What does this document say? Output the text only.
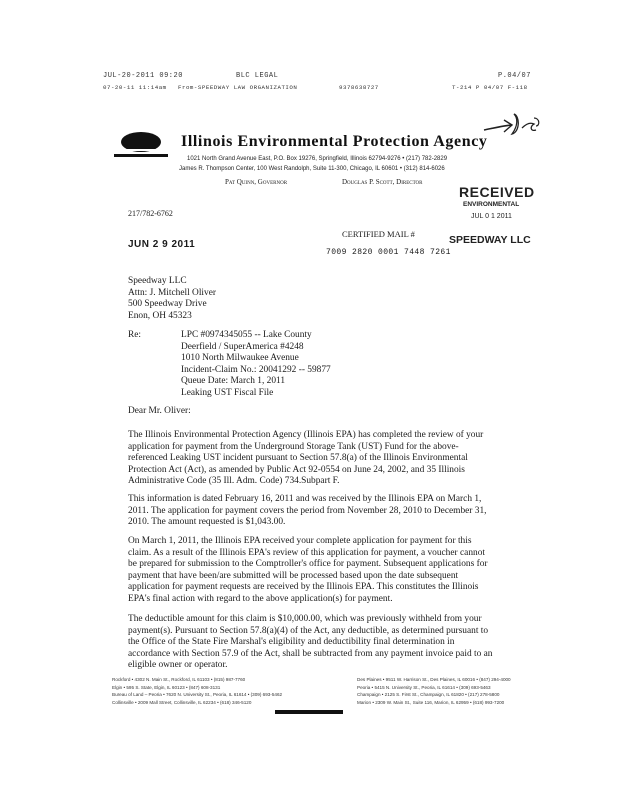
JUL-20-2011 09:20	BLC LEGAL	P.04/07
07-20-11 11:14am From-SPEEDWAY LAW ORGANIZATION	9378638727	T-214 P 04/07 F-118
Illinois Environmental Protection Agency
1021 North Grand Avenue East, P.O. Box 19276, Springfield, Illinois 62794-9276 • (217) 782-2829
James R. Thompson Center, 100 West Randolph, Suite 11-300, Chicago, IL 60601 • (312) 814-6026
Pat Quinn, Governor	Douglas P. Scott, Director
RECEIVED
ENVIRONMENTAL
JUL 0 1 2011
SPEEDWAY LLC
217/782-6762
JUN 2 9 2011
CERTIFIED MAIL #
7009 2820 0001 7448 7261
Speedway LLC
Attn: J. Mitchell Oliver
500 Speedway Drive
Enon, OH 45323
Re:	LPC #0974345055 -- Lake County
Deerfield / SuperAmerica #4248
1010 North Milwaukee Avenue
Incident-Claim No.: 20041292 -- 59877
Queue Date: March 1, 2011
Leaking UST Fiscal File
Dear Mr. Oliver:
The Illinois Environmental Protection Agency (Illinois EPA) has completed the review of your
application for payment from the Underground Storage Tank (UST) Fund for the above-
referenced Leaking UST incident pursuant to Section 57.8(a) of the Illinois Environmental
Protection Act (Act), as amended by Public Act 92-0554 on June 24, 2002, and 35 Illinois
Administrative Code (35 Ill. Adm. Code) 734.Subpart F.
This information is dated February 16, 2011 and was received by the Illinois EPA on March 1,
2011. The application for payment covers the period from November 28, 2010 to December 31,
2010. The amount requested is $1,043.00.
On March 1, 2011, the Illinois EPA received your complete application for payment for this
claim. As a result of the Illinois EPA's review of this application for payment, a voucher cannot
be prepared for submission to the Comptroller's office for payment. Subsequent applications for
payment that have been/are submitted will be processed based upon the date subsequent
application for payment requests are received by the Illinois EPA. This constitutes the Illinois
EPA's final action with regard to the above application(s) for payment.
The deductible amount for this claim is $10,000.00, which was previously withheld from your
payment(s). Pursuant to Section 57.8(a)(4) of the Act, any deductible, as determined pursuant to
the Office of the State Fire Marshal's eligibility and deductibility final determination in
accordance with Section 57.9 of the Act, shall be subtracted from any payment invoice paid to an
eligible owner or operator.
Rockford • 4302 N. Main St., Rockford, IL 61103 • (815) 987-7760
Elgin • 595 S. State, Elgin, IL 60123 • (847) 608-3131
Bureau of Land – Peoria • 7620 N. University St., Peoria, IL 61614 • (309) 693-5462
Collinsville • 2009 Mall Street, Collinsville, IL 62234 • (618) 346-5120
Des Plaines • 9511 W. Harrison St., Des Plaines, IL 60016 • (847) 294-4000
Peoria • 5415 N. University St., Peoria, IL 61614 • (309) 693-5463
Champaign • 2125 S. First St., Champaign, IL 61820 • (217) 278-5800
Marion • 2309 W. Main St., Suite 116, Marion, IL 62959 • (618) 993-7200
